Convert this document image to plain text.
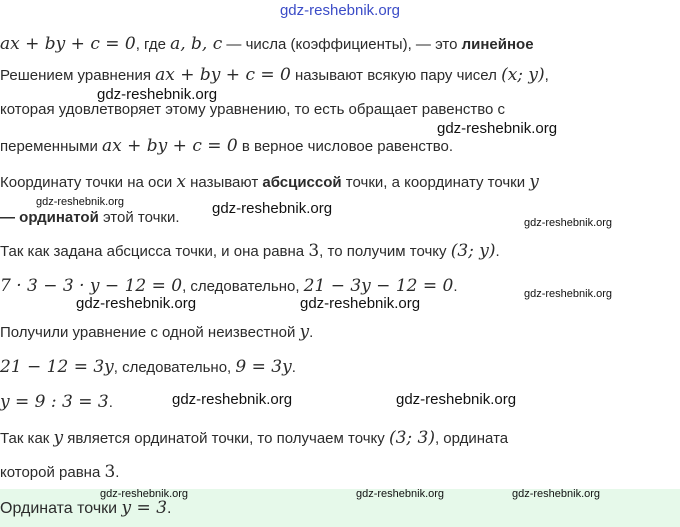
gdz-reshebnik.org
ax + by + c = 0, где a, b, c — числа (коэффициенты), — это линейное
Решением уравнения ax + by + c = 0 называют всякую пару чисел (x; y),
которая удовлетворяет этому уравнению, то есть обращает равенство с
переменными ax + by + c = 0 в верное числовое равенство.
Координату точки на оси x называют абсциссой точки, а координату точки y
— ординатой этой точки.
Так как задана абсцисса точки, и она равна 3, то получим точку (3; y).
7 · 3 − 3 · y − 12 = 0, следовательно, 21 − 3y − 12 = 0.
Получили уравнение с одной неизвестной y.
21 − 12 = 3y, следовательно, 9 = 3y.
y = 9 : 3 = 3.
Так как y является ординатой точки, то получаем точку (3; 3), ордината
которой равна 3.
Ордината точки y = 3.
gdz-reshebnik.org
gdz-reshebnik.org
gdz-reshebnik.org	gdz-reshebnik.org
gdz-reshebnik.org
gdz-reshebnik.org
gdz-reshebnik.org	gdz-reshebnik.org
gdz-reshebnik.org	gdz-reshebnik.org
gdz-reshebnik.org	gdz-reshebnik.org	gdz-reshebnik.org
